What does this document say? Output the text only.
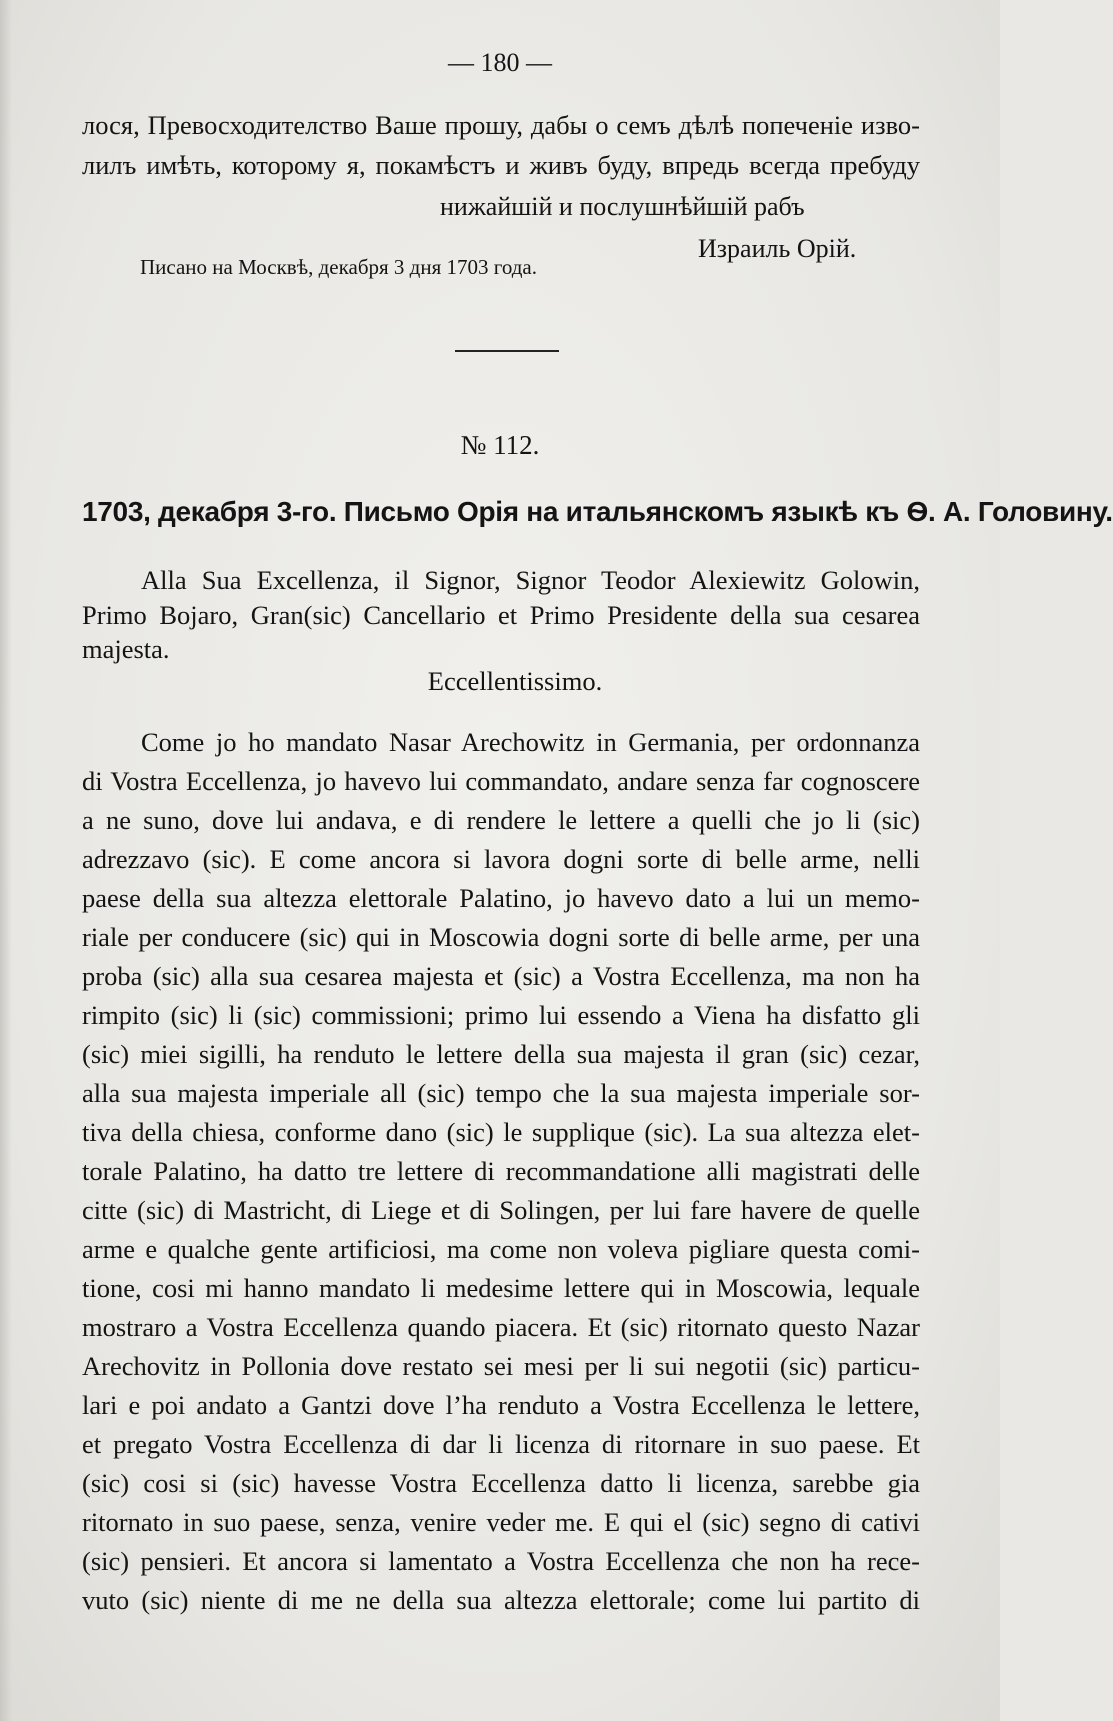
— 180 —
лося, Превосходителство Ваше прошу, дабы о семъ дѣлѣ попеченіе изво-
лилъ имѣть, которому я, покамѣстъ и живъ буду, впредь всегда пребуду
нижайшій и послушнѣйшій рабъ
Израиль Орій.
Писано на Москвѣ, декабря 3 дня 1703 года.
№ 112.
1703, декабря 3-го. Письмо Орія на итальянскомъ языкѣ къ Ѳ. А. Головину.
Alla Sua Excellenza, il Signor, Signor Teodor Alexiewitz Golowin,
Primo Bojaro, Gran(sic) Cancellario et Primo Presidente della sua cesarea
majesta.
Eccellentissimo.
Come jo ho mandato Nasar Arechowitz in Germania, per ordonnanza
di Vostra Eccellenza, jo havevo lui commandato, andare senza far cognoscere
a ne suno, dove lui andava, e di rendere le lettere a quelli che jo li (sic)
adrezzavo (sic). E come ancora si lavora dogni sorte di belle arme, nelli
paese della sua altezza elettorale Palatino, jo havevo dato a lui un memo-
riale per conducere (sic) qui in Moscowia dogni sorte di belle arme, per una
proba (sic) alla sua cesarea majesta et (sic) a Vostra Eccellenza, ma non ha
rimpito (sic) li (sic) commissioni; primo lui essendo a Viena ha disfatto gli
(sic) miei sigilli, ha renduto le lettere della sua majesta il gran (sic) cezar,
alla sua majesta imperiale all (sic) tempo che la sua majesta imperiale sor-
tiva della chiesa, conforme dano (sic) le supplique (sic). La sua altezza elet-
torale Palatino, ha datto tre lettere di recommandatione alli magistrati delle
citte (sic) di Mastricht, di Liege et di Solingen, per lui fare havere de quelle
arme e qualche gente artificiosi, ma come non voleva pigliare questa comi-
tione, cosi mi hanno mandato li medesime lettere qui in Moscowia, lequale
mostraro a Vostra Eccellenza quando piacera. Et (sic) ritornato questo Nazar
Arechovitz in Pollonia dove restato sei mesi per li sui negotii (sic) particu-
lari e poi andato a Gantzi dove l’ha renduto a Vostra Eccellenza le lettere,
et pregato Vostra Eccellenza di dar li licenza di ritornare in suo paese. Et
(sic) cosi si (sic) havesse Vostra Eccellenza datto li licenza, sarebbe gia
ritornato in suo paese, senza, venire veder me. E qui el (sic) segno di cativi
(sic) pensieri. Et ancora si lamentato a Vostra Eccellenza che non ha rece-
vuto (sic) niente di me ne della sua altezza elettorale; come lui partito di
